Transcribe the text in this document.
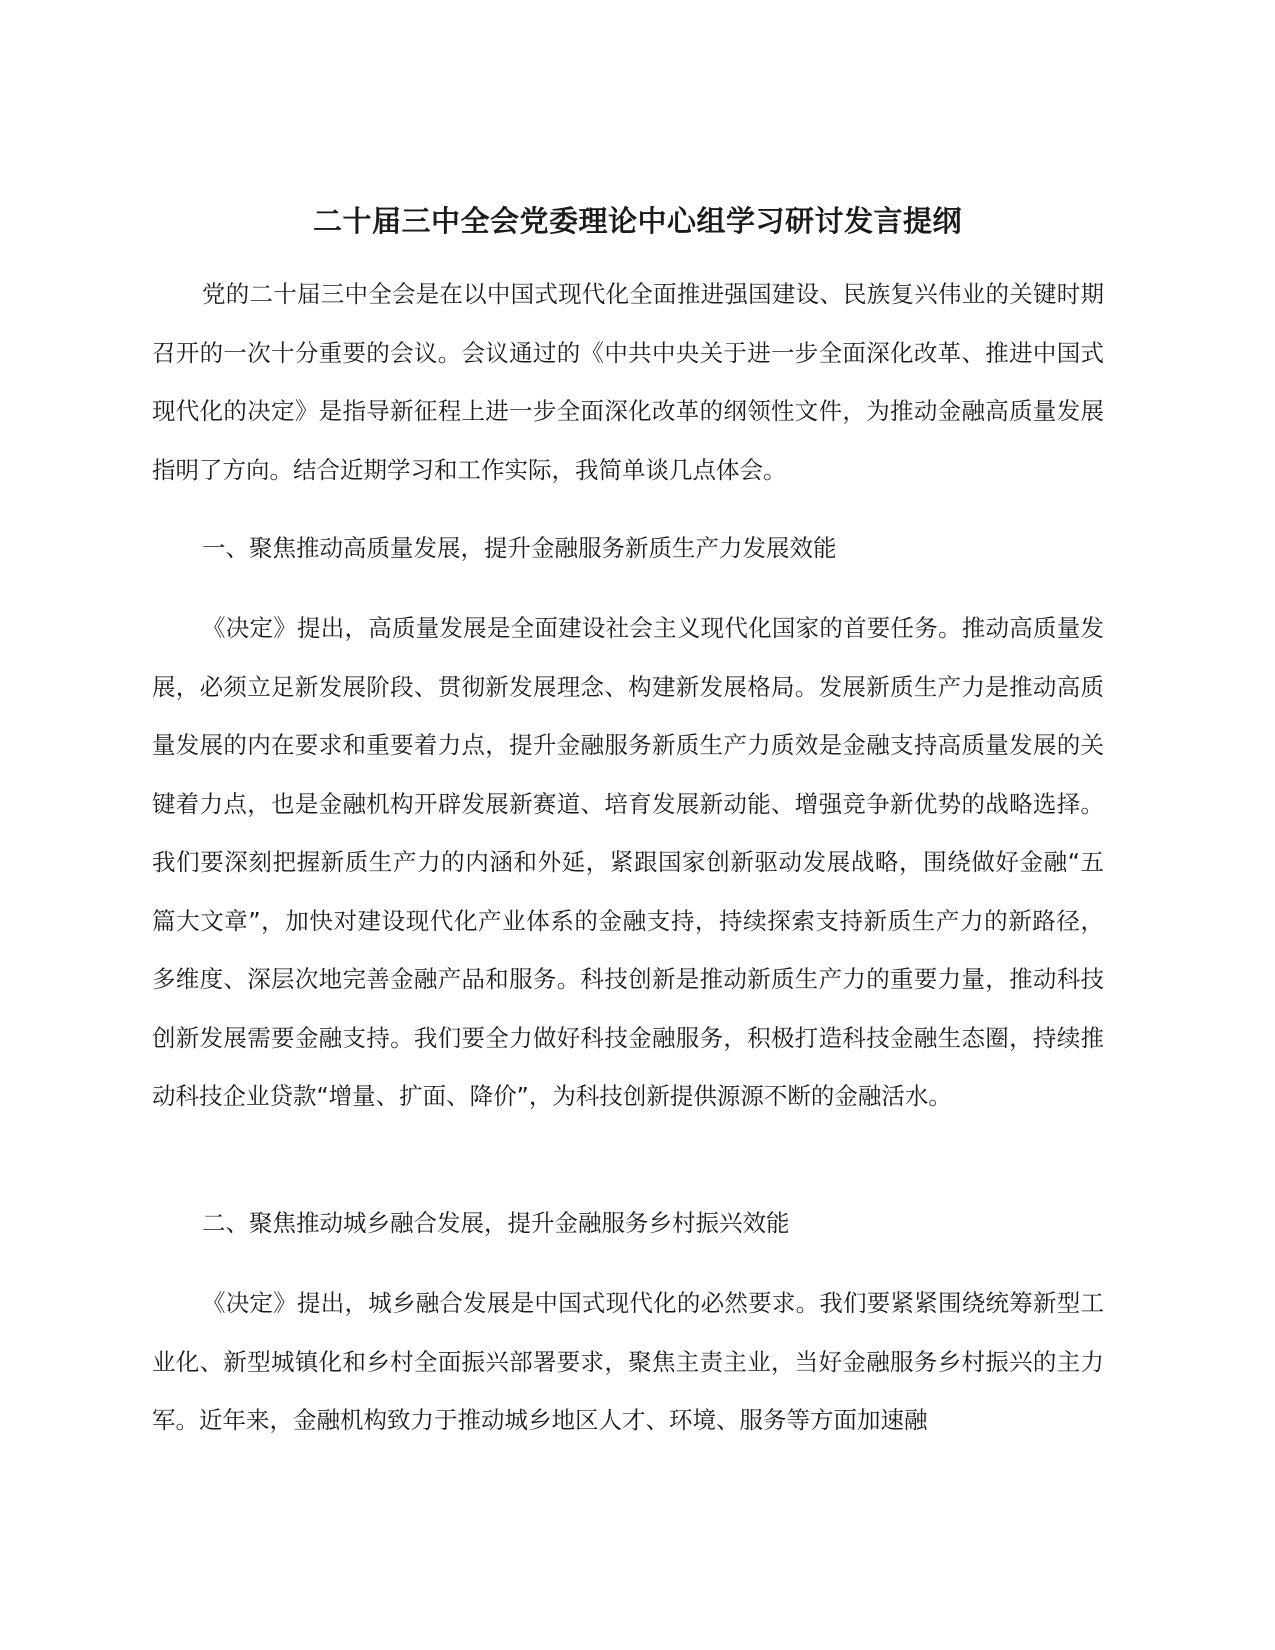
二十届三中全会党委理论中心组学习研讨发言提纲

党的二十届三中全会是在以中国式现代化全面推进强国建设、民族复兴伟业的关键时期召开的一次十分重要的会议。会议通过的《中共中央关于进一步全面深化改革、推进中国式现代化的决定》是指导新征程上进一步全面深化改革的纲领性文件，为推动金融高质量发展指明了方向。结合近期学习和工作实际，我简单谈几点体会。

一、聚焦推动高质量发展，提升金融服务新质生产力发展效能

《决定》提出，高质量发展是全面建设社会主义现代化国家的首要任务。推动高质量发展，必须立足新发展阶段、贯彻新发展理念、构建新发展格局。发展新质生产力是推动高质量发展的内在要求和重要着力点，提升金融服务新质生产力质效是金融支持高质量发展的关键着力点，也是金融机构开辟发展新赛道、培育发展新动能、增强竞争新优势的战略选择。我们要深刻把握新质生产力的内涵和外延，紧跟国家创新驱动发展战略，围绕做好金融“五篇大文章”，加快对建设现代化产业体系的金融支持，持续探索支持新质生产力的新路径，多维度、深层次地完善金融产品和服务。科技创新是推动新质生产力的重要力量，推动科技创新发展需要金融支持。我们要全力做好科技金融服务，积极打造科技金融生态圈，持续推动科技企业贷款“增量、扩面、降价”，为科技创新提供源源不断的金融活水。

二、聚焦推动城乡融合发展，提升金融服务乡村振兴效能

《决定》提出，城乡融合发展是中国式现代化的必然要求。我们要紧紧围绕统筹新型工业化、新型城镇化和乡村全面振兴部署要求，聚焦主责主业，当好金融服务乡村振兴的主力军。近年来，金融机构致力于推动城乡地区人才、环境、服务等方面加速融
